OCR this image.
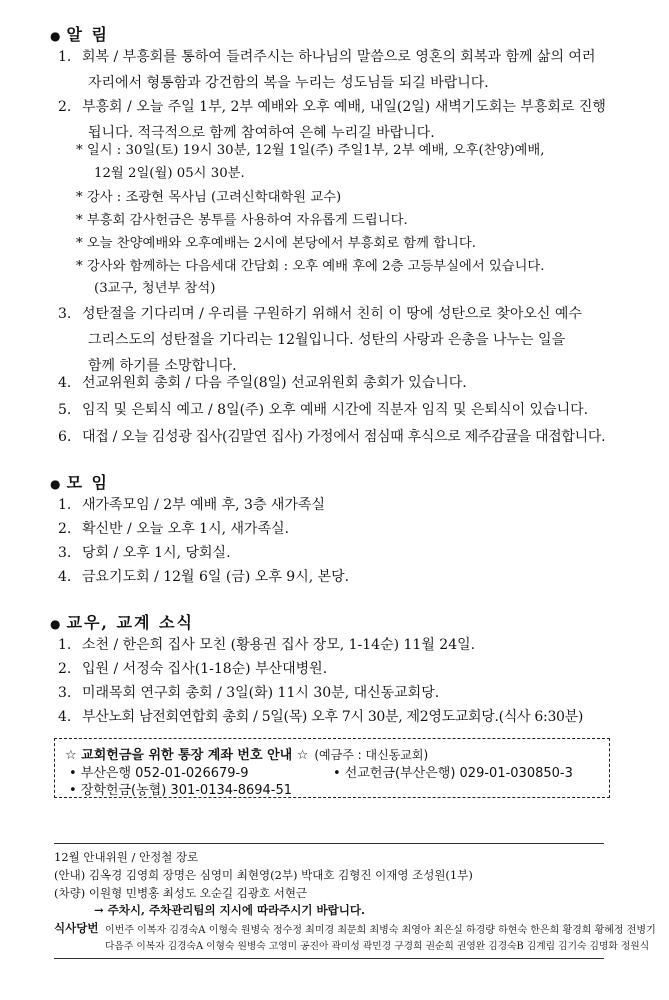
● 알 림
1. 회복 / 부흥회를 통하여 들려주시는 하나님의 말씀으로 영혼의 회복과 함께 삶의 여러
자리에서 형통함과 강건함의 복을 누리는 성도님들 되길 바랍니다.
2. 부흥회 / 오늘 주일 1부, 2부 예배와 오후 예배, 내일(2일) 새벽기도회는 부흥회로 진행
됩니다. 적극적으로 함께 참여하여 은혜 누리길 바랍니다.
* 일시 : 30일(토) 19시 30분, 12월 1일(주) 주일1부, 2부 예배, 오후(찬양)예배,
12월 2일(월) 05시 30분.
* 강사 : 조광현 목사님 (고려신학대학원 교수)
* 부흥회 감사헌금은 봉투를 사용하여 자유롭게 드립니다.
* 오늘 찬양예배와 오후예배는 2시에 본당에서 부흥회로 함께 합니다.
* 강사와 함께하는 다음세대 간담회 : 오후 예배 후에 2층 고등부실에서 있습니다.
(3교구, 청년부 참석)
3. 성탄절을 기다리며 / 우리를 구원하기 위해서 친히 이 땅에 성탄으로 찾아오신 예수
그리스도의 성탄절을 기다리는 12월입니다. 성탄의 사랑과 은총을 나누는 일을
함께 하기를 소망합니다.
4. 선교위원회 총회 / 다음 주일(8일) 선교위원회 총회가 있습니다.
5. 임직 및 은퇴식 예고 / 8일(주) 오후 예배 시간에 직분자 임직 및 은퇴식이 있습니다.
6. 대접 / 오늘 김성광 집사(김말연 집사) 가정에서 점심때 후식으로 제주감귤을 대접합니다.
● 모 임
1. 새가족모임 / 2부 예배 후, 3층 새가족실
2. 확신반 / 오늘 오후 1시, 새가족실.
3. 당회 / 오후 1시, 당회실.
4. 금요기도회 / 12월 6일 (금) 오후 9시, 본당.
● 교우, 교계 소식
1. 소천 / 한은희 집사 모친 (황용권 집사 장모, 1-14순) 11월 24일.
2. 입원 / 서정숙 집사(1-18순) 부산대병원.
3. 미래목회 연구회 총회 / 3일(화) 11시 30분, 대신동교회당.
4. 부산노회 남전회연합회 총회 / 5일(목) 오후 7시 30분, 제2영도교회당.(식사 6:30분)
☆ 교회헌금을 위한 통장 계좌 번호 안내 ☆ (예금주 : 대신동교회)
• 부산은행 052-01-026679-9	• 선교헌금(부산은행) 029-01-030850-3
• 장학헌금(농협) 301-0134-8694-51
12월 안내위원 / 안정철 장로
(안내) 김옥경 김영희 장명은 심영미 최현영(2부) 박대호 김형진 이재영 조성원(1부)
(차량) 이원형 민병홍 최성도 오순길 김광호 서현근
→ 주차시, 주차관리팀의 지시에 따라주시기 바랍니다.
식사당번 이번주 이복자 김경숙A 이형숙 원병숙 정수정 최미경 최문희 최병숙 최영아 최은실 하경량 하현숙 한은희 황경희 황혜정 전병기
다음주 이복자 김경숙A 이형숙 원병숙 고영미 공진아 곽미성 곽민경 구경희 권순희 권영완 김경숙B 김계림 김기숙 김명화 정원식
